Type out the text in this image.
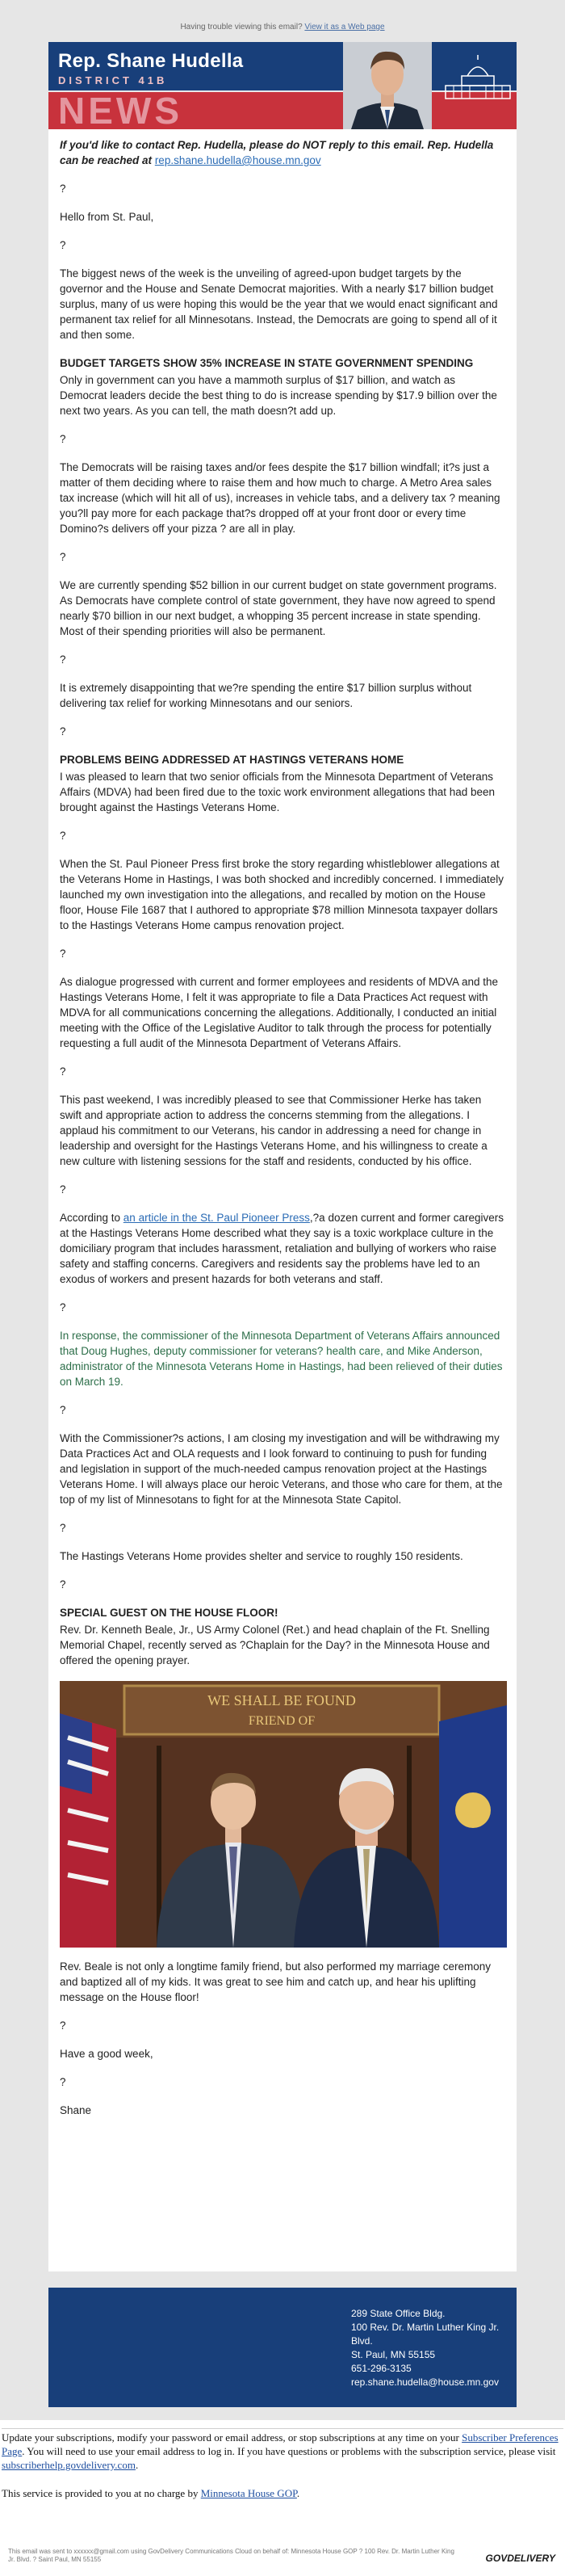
Having trouble viewing this email? View it as a Web page
NEWS
Rep. Shane Hudella
DISTRICT 41B

If you'd like to contact Rep. Hudella, please do NOT reply to this email. Rep. Hudella can be reached at rep.shane.hudella@house.mn.gov

?

Hello from St. Paul,

?

The biggest news of the week is the unveiling of agreed-upon budget targets by the governor and the House and Senate Democrat majorities. With a nearly $17 billion budget surplus, many of us were hoping this would be the year that we would enact significant and permanent tax relief for all Minnesotans. Instead, the Democrats are going to spend all of it and then some.

BUDGET TARGETS SHOW 35% INCREASE IN STATE GOVERNMENT SPENDING

Only in government can you have a mammoth surplus of $17 billion, and watch as Democrat leaders decide the best thing to do is increase spending by $17.9 billion over the next two years. As you can tell, the math doesn?t add up.

?

The Democrats will be raising taxes and/or fees despite the $17 billion windfall; it?s just a matter of them deciding where to raise them and how much to charge. A Metro Area sales tax increase (which will hit all of us), increases in vehicle tabs, and a delivery tax ? meaning you?ll pay more for each package that?s dropped off at your front door or every time Domino?s delivers off your pizza ? are all in play.

?

We are currently spending $52 billion in our current budget on state government programs. As Democrats have complete control of state government, they have now agreed to spend nearly $70 billion in our next budget, a whopping 35 percent increase in state spending. Most of their spending priorities will also be permanent.

?

It is extremely disappointing that we?re spending the entire $17 billion surplus without delivering tax relief for working Minnesotans and our seniors.

?

PROBLEMS BEING ADDRESSED AT HASTINGS VETERANS HOME

I was pleased to learn that two senior officials from the Minnesota Department of Veterans Affairs (MDVA) had been fired due to the toxic work environment allegations that had been brought against the Hastings Veterans Home.

?

When the St. Paul Pioneer Press first broke the story regarding whistleblower allegations at the Veterans Home in Hastings, I was both shocked and incredibly concerned. I immediately launched my own investigation into the allegations, and recalled by motion on the House floor, House File 1687 that I authored to appropriate $78 million Minnesota taxpayer dollars to the Hastings Veterans Home campus renovation project.

?

As dialogue progressed with current and former employees and residents of MDVA and the Hastings Veterans Home, I felt it was appropriate to file a Data Practices Act request with MDVA for all communications concerning the allegations. Additionally, I conducted an initial meeting with the Office of the Legislative Auditor to talk through the process for potentially requesting a full audit of the Minnesota Department of Veterans Affairs.

?

This past weekend, I was incredibly pleased to see that Commissioner Herke has taken swift and appropriate action to address the concerns stemming from the allegations. I applaud his commitment to our Veterans, his candor in addressing a need for change in leadership and oversight for the Hastings Veterans Home, and his willingness to create a new culture with listening sessions for the staff and residents, conducted by his office.

?

According to an article in the St. Paul Pioneer Press,?a dozen current and former caregivers at the Hastings Veterans Home described what they say is a toxic workplace culture in the domiciliary program that includes harassment, retaliation and bullying of workers who raise safety and staffing concerns. Caregivers and residents say the problems have led to an exodus of workers and present hazards for both veterans and staff.

?

In response, the commissioner of the Minnesota Department of Veterans Affairs announced that Doug Hughes, deputy commissioner for veterans? health care, and Mike Anderson, administrator of the Minnesota Veterans Home in Hastings, had been relieved of their duties on March 19.

?

With the Commissioner?s actions, I am closing my investigation and will be withdrawing my Data Practices Act and OLA requests and I look forward to continuing to push for funding and legislation in support of the much-needed campus renovation project at the Hastings Veterans Home. I will always place our heroic Veterans, and those who care for them, at the top of my list of Minnesotans to fight for at the Minnesota State Capitol.

?

The Hastings Veterans Home provides shelter and service to roughly 150 residents.

?

SPECIAL GUEST ON THE HOUSE FLOOR!

Rev. Dr. Kenneth Beale, Jr., US Army Colonel (Ret.) and head chaplain of the Ft. Snelling Memorial Chapel, recently served as ?Chaplain for the Day? in the Minnesota House and offered the opening prayer.

WE SHALL BE FOUND
FRIEND OF

Rev. Beale is not only a longtime family friend, but also performed my marriage ceremony and baptized all of my kids. It was great to see him and catch up, and hear his uplifting message on the House floor!

?

Have a good week,

?

Shane

289 State Office Bldg.
100 Rev. Dr. Martin Luther King Jr. Blvd.
St. Paul, MN 55155
651-296-3135
rep.shane.hudella@house.mn.gov

Update your subscriptions, modify your password or email address, or stop subscriptions at any time on your Subscriber Preferences Page. You will need to use your email address to log in. If you have questions or problems with the subscription service, please visit subscriberhelp.govdelivery.com.

This service is provided to you at no charge by Minnesota House GOP.

This email was sent to xxxxxx@gmail.com using GovDelivery Communications Cloud on behalf of: Minnesota House GOP ? 100 Rev. Dr. Martin Luther King Jr. Blvd. ? Saint Paul, MN 55155	GOVDELIVERY
